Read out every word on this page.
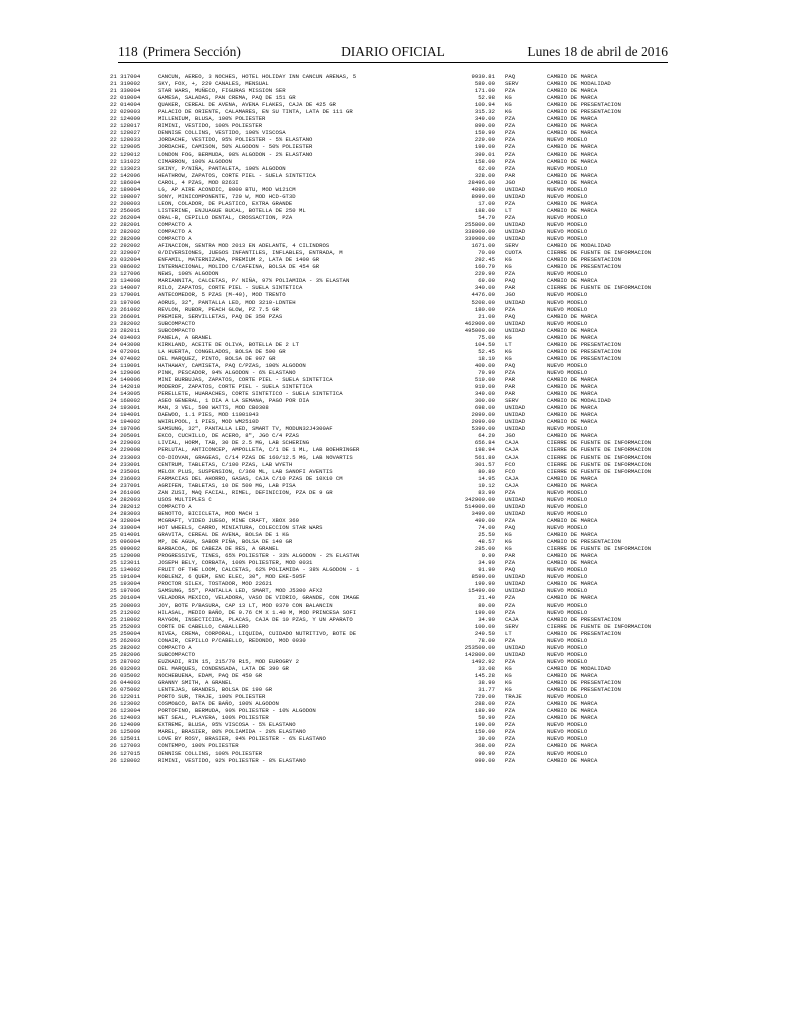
118 (Primera Sección)	DIARIO OFICIAL	Lunes 18 de abril de 2016
21 317004	CANCUN, AEREO, 3 NOCHES, HOTEL HOLIDAY INN CANCUN ARENAS, 5	9930.81 PAQ	CAMBIO DE MARCA
21 319002	SKY, FOX, +, 229 CANALES, MENSUAL	589.00 SERV	CAMBIO DE MODALIDAD
21 330004	STAR WARS, MUÑECO, FIGURAS MISSION SER	171.00 PZA	CAMBIO DE MARCA
22 010004	GAMESA, SALADAS, PAN CREMA, PAQ DE 151 GR	52.98 KG	CAMBIO DE MARCA
22 014004	QUAKER, CEREAL DE AVENA, AVENA FLAKES, CAJA DE 425 GR	100.94 KG	CAMBIO DE PRESENTACION
22 029003	PALACIO DE ORIENTE, CALAMARES, EN SU TINTA, LATA DE 111 GR	315.32 KG	CAMBIO DE PRESENTACION
22 124009	MILLENIUM, BLUSA, 100% POLIESTER	349.00 PZA	CAMBIO DE MARCA
22 128017	RIMINI, VESTIDO, 100% POLIESTER	899.00 PZA	CAMBIO DE MARCA
22 128027	DENNISE COLLINS, VESTIDO, 100% VISCOSA	159.99 PZA	CAMBIO DE MARCA
22 128033	JORDACHE, VESTIDO, 95% POLIESTER - 5% ELASTANO	229.00 PZA	NUEVO MODELO
22 129005	JORDACHE, CAMISON, 50% ALGODON - 50% POLIESTER	199.00 PZA	CAMBIO DE MARCA
22 129012	LONDON FOG, BERMUDA, 98% ALGODON - 2% ELASTANO	399.01 PZA	CAMBIO DE MARCA
22 131022	CIMARRON, 100% ALGODON	158.00 PZA	CAMBIO DE MARCA
22 133023	SKINY, P/NIÑA, PANTALETA, 100% ALGODON	62.00 PZA	NUEVO MODELO
22 142006	HEATHROW, ZAPATOS, CORTE PIEL - SUELA SINTETICA	328.00 PAR	CAMBIO DE MARCA
22 186004	CAROL, 4 PZAS, MOD 8263I	28496.00 JGO	CAMBIO DE MARCA
22 189004	LG, AP AIRE ACONDIC, 8000 BTU, MOD W121CM	4899.00 UNIDAD	NUEVO MODELO
22 198007	SONY, MINICOMPONENTE, 720 W, MOD HCD-GT3D	8999.00 UNIDAD	NUEVO MODELO
22 208003	LEON, COLADOR, DE PLASTICO, EXTRA GRANDE	17.00 PZA	CAMBIO DE MARCA
22 256005	LISTERINE, ENJUAGUE BUCAL, BOTELLA DE 250 ML	188.00 LT	CAMBIO DE MARCA
22 262004	ORAL-B, CEPILLO DENTAL, CROSSACTION, PZA	54.70 PZA	NUEVO MODELO
22 282001	COMPACTO A	255800.00 UNIDAD	NUEVO MODELO
22 282002	COMPACTO A	338900.00 UNIDAD	NUEVO MODELO
22 282009	COMPACTO A	339900.00 UNIDAD	NUEVO MODELO
22 292002	AFINACION, SENTRA MOD 2013 EN ADELANTE, 4 CILINDROS	1671.00 SERV	CAMBIO DE MODALIDAD
22 320007	0/DIVERSIONES, JUEGOS INFANTILES, INFLABLES, ENTRADA, M	70.00 CUOTA	CIERRE DE FUENTE DE INFORMACION
23 032004	ENFAMIL, MATERNIZADA, PREMIUM 2, LATA DE 1400 GR	292.45 KG	CAMBIO DE PRESENTACION
23 086002	INTERNACIONAL, MOLIDO C/CAFEINA, BOLSA DE 454 GR	160.79 KG	CAMBIO DE PRESENTACION
23 127006	NEWS, 100% ALGODON	229.90 PZA	NUEVO MODELO
23 134008	MARIANNITA, CALCETAS, P/ NIÑA, 97% POLIAMIDA - 3% ELASTAN	69.00 PAQ	CAMBIO DE MARCA
23 140007	RILO, ZAPATOS, CORTE PIEL - SUELA SINTETICA	340.00 PAR	CIERRE DE FUENTE DE INFORMACION
23 179001	ANTECOMEDOR, 5 PZAS (M-40), MOD TRENTO	4476.00 JGO	NUEVO MODELO
23 197006	AORUS, 32", PANTALLA LED, MOD 3210-LDNTEH	5208.00 UNIDAD	NUEVO MODELO
23 261002	REVLON, RUBOR, PEACH GLOW, PZ 7.5 GR	180.00 PZA	NUEVO MODELO
23 266001	PREMIER, SERVILLETAS, PAQ DE 350 PZAS	21.00 PAQ	CAMBIO DE MARCA
23 282002	SUBCOMPACTO	462900.00 UNIDAD	NUEVO MODELO
23 282011	SUBCOMPACTO	495000.00 UNIDAD	CAMBIO DE MARCA
24 034003	PANELA, A GRANEL	75.00 KG	CAMBIO DE MARCA
24 043008	KIRKLAND, ACEITE DE OLIVA, BOTELLA DE 2 LT	104.50 LT	CAMBIO DE PRESENTACION
24 072001	LA HUERTA, CONGELADOS, BOLSA DE 500 GR	52.45 KG	CAMBIO DE PRESENTACION
24 074002	DEL MARQUEZ, PINTO, BOLSA DE 907 GR	18.19 KG	CAMBIO DE PRESENTACION
24 119001	HATHAWAY, CAMISETA, PAQ C/PZAS, 100% ALGODON	409.00 PAQ	NUEVO MODELO
24 129006	PINK, PESCADOR, 94% ALGODON - 6% ELASTANO	79.99 PZA	NUEVO MODELO
24 140006	MINI BURBUJAS, ZAPATOS, CORTE PIEL - SUELA SINTETICA	519.00 PAR	CAMBIO DE MARCA
24 142010	MODEROF, ZAPATOS, CORTE PIEL - SUELA SINTETICA	919.00 PAR	CAMBIO DE MARCA
24 143005	PERELLETE, HUARACHES, CORTE SINTETICO - SUELA SINTETICA	349.00 PAR	CAMBIO DE MARCA
24 168002	ASEO GENERAL, 1 DIA A LA SEMANA, PAGO POR DIA	300.00 SERV	CAMBIO DE MODALIDAD
24 193001	MAN, 3 VEL, 500 WATTS, MOD CB0308	698.00 UNIDAD	CAMBIO DE MARCA
24 194001	DAEWOO, 1.1 PIES, MOD 11001043	2099.00 UNIDAD	CAMBIO DE MARCA
24 194002	WHIRLPOOL, 1 PIES, MOD WM2510D	2099.00 UNIDAD	CAMBIO DE MARCA
24 197006	SAMSUNG, 32", PANTALLA LED, SMART TV, MODUN32J4300AF	5399.00 UNIDAD	NUEVO MODELO
24 205001	EKCO, CUCHILLO, DE ACERO, 8", JGO C/4 PZAS	64.20 JGO	CAMBIO DE MARCA
24 229003	LIVIAL, HORM, TAB, 30 DE 2.5 MG, LAB SCHERING	656.84 CAJA	CIERRE DE FUENTE DE INFORMACION
24 229008	PERLUTAL, ANTICONCEP, AMPOLLETA, C/1 DE 1 ML, LAB BOEHRINGER	198.94 CAJA	CIERRE DE FUENTE DE INFORMACION
24 233003	CO-DIOVAN, GRAGEAS, C/14 PZAS DE 160/12.5 MG, LAB NOVARTIS	561.80 CAJA	CIERRE DE FUENTE DE INFORMACION
24 233001	CENTRUM, TABLETAS, C/100 PZAS, LAB WYETH	301.57 FCO	CIERRE DE FUENTE DE INFORMACION
24 235001	MELOX PLUS, SUSPENSION, C/360 ML, LAB SANOFI AVENTIS	80.89 FCO	CIERRE DE FUENTE DE INFORMACION
24 236003	FARMACIAS DEL AHORRO, GASAS, CAJA C/10 PZAS DE 10X10 CM	14.95 CAJA	CAMBIO DE MARCA
24 237001	AGRIFEN, TABLETAS, 10 DE 500 MG, LAB PISA	19.12 CAJA	CAMBIO DE MARCA
24 261006	ZAN ZUSI, MAQ FACIAL, RIMEL, DEFINICION, PZA DE 9 GR	83.90 PZA	NUEVO MODELO
24 282003	USOS MULTIPLES C	342900.00 UNIDAD	NUEVO MODELO
24 282012	COMPACTO A	514900.00 UNIDAD	NUEVO MODELO
24 283003	BENOTTO, BICICLETA, MOD MACH 1	3499.00 UNIDAD	NUEVO MODELO
24 328004	MCGRAFT, VIDEO JUEGO, MINE CRAFT, XBOX 360	499.00 PZA	CAMBIO DE MARCA
24 330004	HOT WHEELS, CARRO, MINIATURA, COLECCION STAR WARS	74.00 PAQ	NUEVO MODELO
25 014001	GRAVITA, CEREAL DE AVENA, BOLSA DE 1 KG	25.50 KG	CAMBIO DE MARCA
25 096004	MP, DE AGUA, SABOR PIÑA, BOLSA DE 140 GR	48.57 KG	CAMBIO DE PRESENTACION
25 099002	BARBACOA, DE CABEZA DE RES, A GRANEL	285.00 KG	CIERRE DE FUENTE DE INFORMACION
25 120008	PROGRESSIVE, TINES, 65% POLIESTER - 33% ALGODON - 2% ELASTAN	9.99 PAR	CAMBIO DE MARCA
25 123011	JOSEPH BELY, CORBATA, 100% POLIESTER, MOD 0031	34.99 PZA	CAMBIO DE MARCA
25 134002	FRUIT OF THE LOOM, CALCETAS, 62% POLIAMIDA - 38% ALGODON - 1	91.90 PAQ	NUEVO MODELO
25 191004	KOBLENZ, 6 QUEM, ENC ELEC, 30", MOD EKE-505F	8599.00 UNIDAD	NUEVO MODELO
25 193004	PROCTOR SILEX, TOSTADOR, MOD 22621	199.90 UNIDAD	CAMBIO DE MARCA
25 197006	SAMSUNG, 55", PANTALLA LED, SMART, MOD J5300 AFX2	15499.00 UNIDAD	NUEVO MODELO
25 201004	VELADORA MEXICO, VELADORA, VASO DE VIDRIO, GRANDE, CON IMAGE	21.40 PZA	CAMBIO DE MARCA
25 208003	JOY, BOTE P/BASURA, CAP 13 LT, MOD 9379 CON BALANCIN	89.00 PZA	NUEVO MODELO
25 212002	HILASAL, MEDIO BAÑO, DE 0.76 CM X 1.40 M, MOD PRINCESA SOFI	199.00 PZA	NUEVO MODELO
25 218002	RAYGON, INSECTICIDA, PLACAS, CAJA DE 10 PZAS, Y UN APARATO	34.90 CAJA	CAMBIO DE PRESENTACION
25 252003	CORTE DE CABELLO, CABALLERO	100.00 SERV	CIERRE DE FUENTE DE INFORMACION
25 259004	NIVEA, CREMA, CORPORAL, LIQUIDA, CUIDADO NUTRITIVO, BOTE DE	249.50 LT	CAMBIO DE PRESENTACION
25 262003	CONAIR, CEPILLO P/CABELLO, REDONDO, MOD 0930	78.00 PZA	NUEVO MODELO
25 282002	COMPACTO A	253500.00 UNIDAD	NUEVO MODELO
25 282006	SUBCOMPACTO	142800.00 UNIDAD	NUEVO MODELO
25 287002	EUZKADI, RIN 15, 215/70 R15, MOD EUROGRY 2	1492.92 PZA	NUEVO MODELO
26 032003	DEL MARQUES, CONDENSADA, LATA DE 390 GR	33.08 KG	CAMBIO DE MODALIDAD
26 035002	NOCHEBUENA, EDAM, PAQ DE 450 GR	145.28 KG	CAMBIO DE MARCA
26 044003	GRANNY SMITH, A GRANEL	38.90 KG	CAMBIO DE PRESENTACION
26 075002	LENTEJAS, GRANDES, BOLSA DE 190 GR	31.77 KG	CAMBIO DE PRESENTACION
26 122011	PORTO SUR, TRAJE, 100% POLIESTER	729.00 TRAJE	NUEVO MODELO
26 123002	COSMO&CO, BATA DE BAÑO, 100% ALGODON	288.00 PZA	CAMBIO DE MARCA
26 123004	PORTOFINO, BERMUDA, 90% POLIESTER - 10% ALGODON	189.99 PZA	CAMBIO DE MARCA
26 124003	WET SEAL, PLAYERA, 100% POLIESTER	59.99 PZA	CAMBIO DE MARCA
26 124009	EXTREME, BLUSA, 95% VISCOSA - 5% ELASTANO	199.00 PZA	NUEVO MODELO
26 125009	MAREL, BRASIER, 80% POLIAMIDA - 20% ELASTANO	159.00 PZA	NUEVO MODELO
26 125011	LOVE BY ROSY, BRASIER, 94% POLIESTER - 6% ELASTANO	39.00 PZA	NUEVO MODELO
26 127003	CONTEMPO, 100% POLIESTER	368.00 PZA	CAMBIO DE MARCA
26 127015	DENNISE COLLINS, 100% POLIESTER	99.99 PZA	NUEVO MODELO
26 128002	RIMINI, VESTIDO, 92% POLIESTER - 8% ELASTANO	999.00 PZA	CAMBIO DE MARCA
